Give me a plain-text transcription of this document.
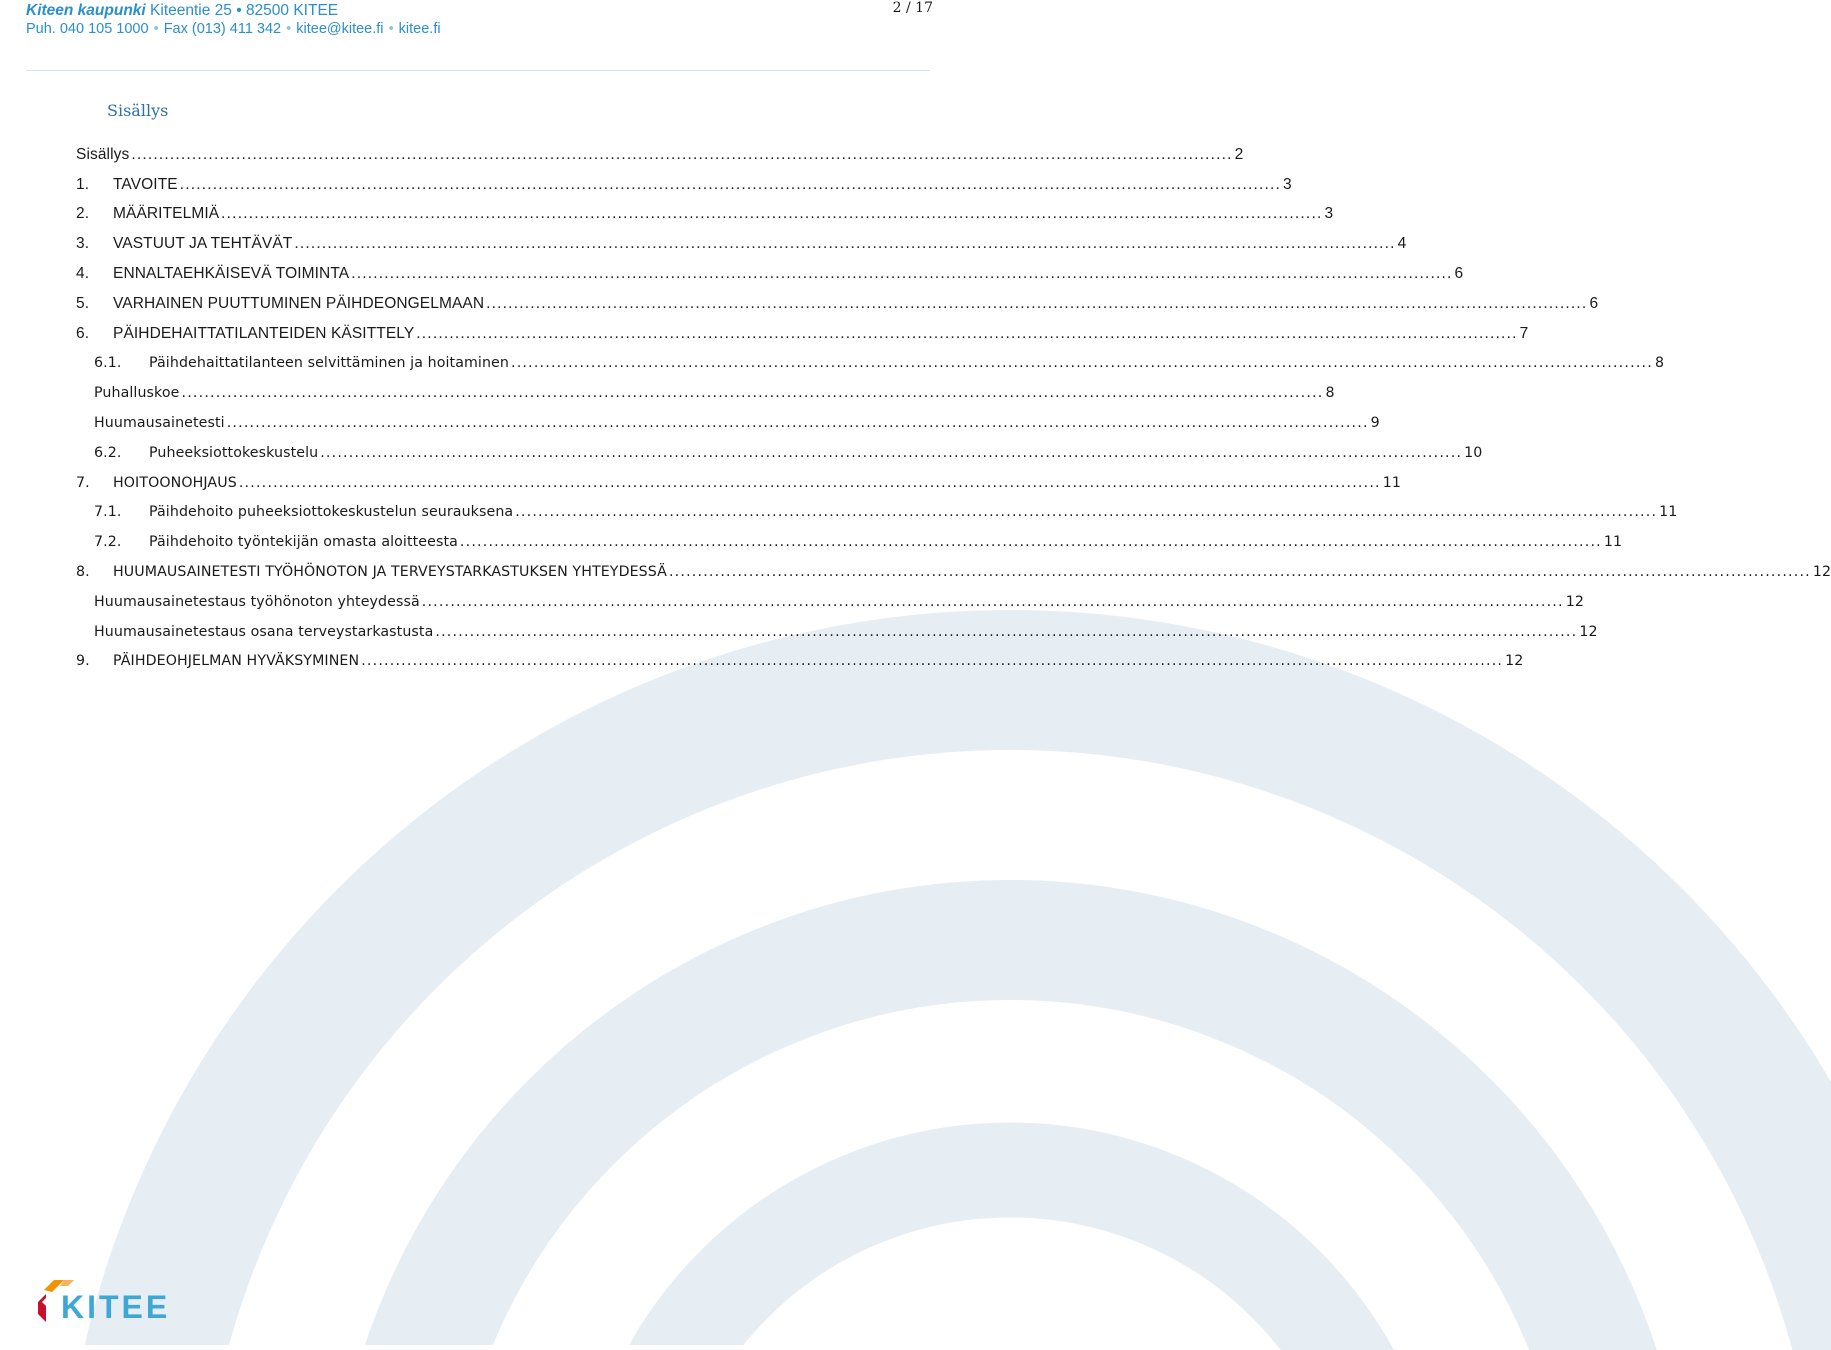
Kiteen kaupunki Kiteentie 25 • 82500 KITEE
Puh. 040 105 1000 • Fax (013) 411 342 • kitee@kitee.fi • kitee.fi
2 / 17
Sisällys
Sisällys ........................................................................................................................................................................................................ 2
1.	TAVOITE ........................................................................................................................................................................................................ 3
2.	MÄÄRITELMIÄ ........................................................................................................................................................................................................ 3
3.	VASTUUT JA TEHTÄVÄT ........................................................................................................................................................................................................ 4
4.	ENNALTAEHKÄISEVÄ TOIMINTA ........................................................................................................................................................................................................ 6
5.	VARHAINEN PUUTTUMINEN PÄIHDEONGELMAAN ........................................................................................................................................................................................................ 6
6.	PÄIHDEHAITTATILANTEIDEN KÄSITTELY ........................................................................................................................................................................................................ 7
6.1.	Päihdehaittatilanteen selvittäminen ja hoitaminen ........................................................................................................................................................................................................ 8
Puhalluskoe ........................................................................................................................................................................................................ 8
Huumausainetesti ........................................................................................................................................................................................................ 9
6.2.	Puheeksiottokeskustelu ........................................................................................................................................................................................................ 10
7.	HOITOONOHJAUS ........................................................................................................................................................................................................ 11
7.1.	Päihdehoito puheeksiottokeskustelun seurauksena ........................................................................................................................................................................................................ 11
7.2.	Päihdehoito työntekijän omasta aloitteesta ........................................................................................................................................................................................................ 11
8.	HUUMAUSAINETESTI TYÖHÖNOTON JA TERVEYSTARKASTUKSEN YHTEYDESSÄ ........................................................................................................................................................................................................ 12
Huumausainetestaus työhönoton yhteydessä ........................................................................................................................................................................................................ 12
Huumausainetestaus osana terveystarkastusta ........................................................................................................................................................................................................ 12
9.	PÄIHDEOHJELMAN HYVÄKSYMINEN ........................................................................................................................................................................................................ 12
KITEE
